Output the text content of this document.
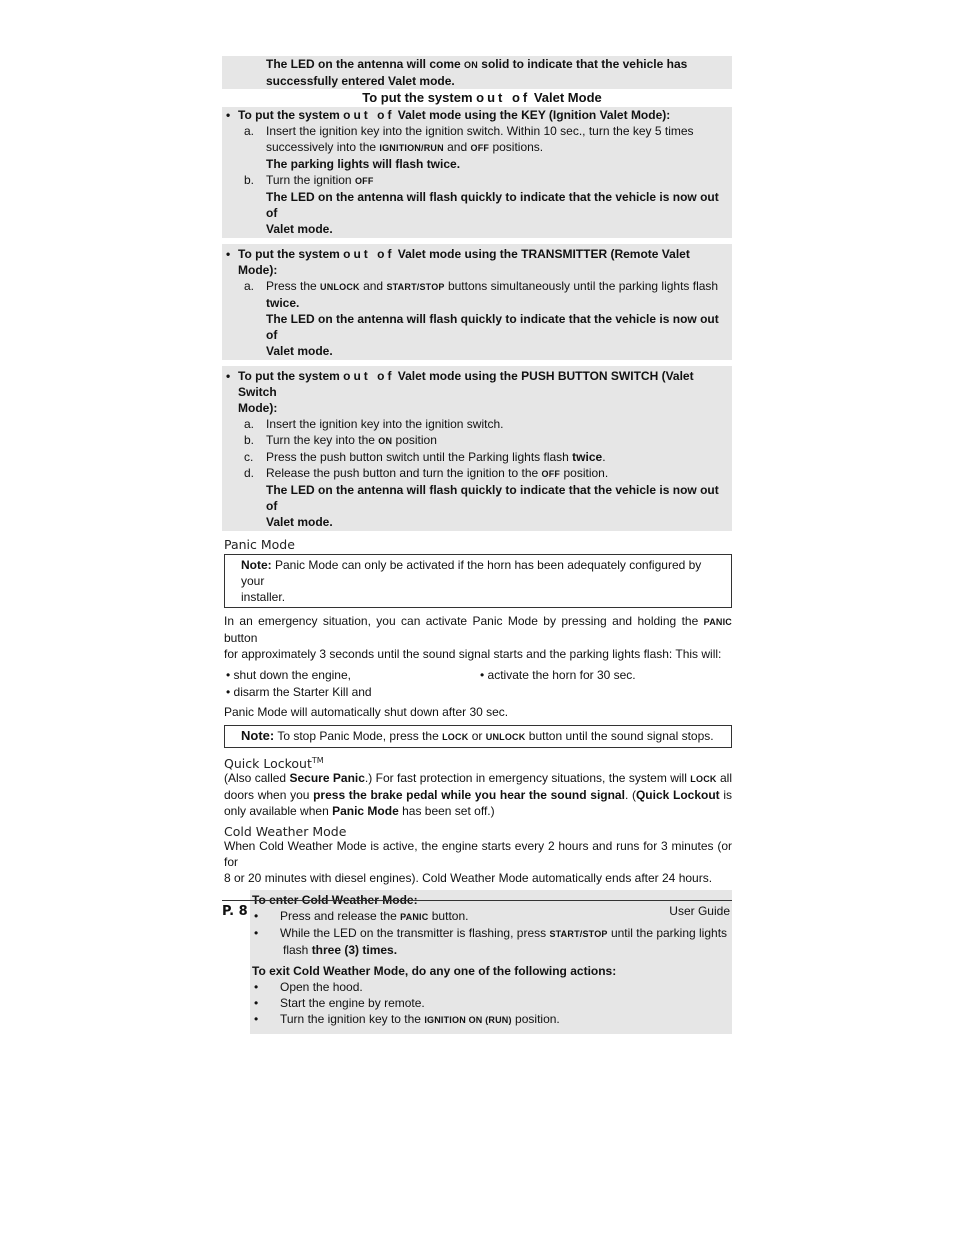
The LED on the antenna will come ON solid to indicate that the vehicle has
successfully entered Valet mode.
To put the system out of Valet Mode
• To put the system out of Valet mode using the KEY (Ignition Valet Mode):
a. Insert the ignition key into the ignition switch. Within 10 sec., turn the key 5 times
successively into the IGNITION/RUN and OFF positions.
The parking lights will flash twice.
b. Turn the ignition OFF
The LED on the antenna will flash quickly to indicate that the vehicle is now out of
Valet mode.
• To put the system out of Valet mode using the TRANSMITTER (Remote Valet Mode):
a. Press the UNLOCK and START/STOP buttons simultaneously until the parking lights flash
twice.
The LED on the antenna will flash quickly to indicate that the vehicle is now out of
Valet mode.
• To put the system out of Valet mode using the PUSH BUTTON SWITCH (Valet Switch
Mode):
a. Insert the ignition key into the ignition switch.
b. Turn the key into the ON position
c.	Press the push button switch until the Parking lights flash twice.
d. Release the push button and turn the ignition to the OFF position.
The LED on the antenna will flash quickly to indicate that the vehicle is now out of
Valet mode.
Panic Mode
Note: Panic Mode can only be activated if the horn has been adequately configured by your
installer.
In an emergency situation, you can activate Panic Mode by pressing and holding the PANIC button
for approximately 3 seconds until the sound signal starts and the parking lights flash: This will:
• shut down the engine,	• activate the horn for 30 sec.
• disarm the Starter Kill and
Panic Mode will automatically shut down after 30 sec.
Note: To stop Panic Mode, press the LOCK or UNLOCK button until the sound signal stops.
Quick Lockout™
(Also called Secure Panic.) For fast protection in emergency situations, the system will LOCK all
doors when you press the brake pedal while you hear the sound signal. (Quick Lockout is
only available when Panic Mode has been set off.)
Cold Weather Mode
When Cold Weather Mode is active, the engine starts every 2 hours and runs for 3 minutes (or for
8 or 20 minutes with diesel engines). Cold Weather Mode automatically ends after 24 hours.
To enter Cold Weather Mode:
• Press and release the PANIC button.
• While the LED on the transmitter is flashing, press START/STOP until the parking lights
flash three (3) times.
To exit Cold Weather Mode, do any one of the following actions:
• Open the hood.
• Start the engine by remote.
• Turn the ignition key to the IGNITION ON (RUN) position.
P. 8	User Guide
